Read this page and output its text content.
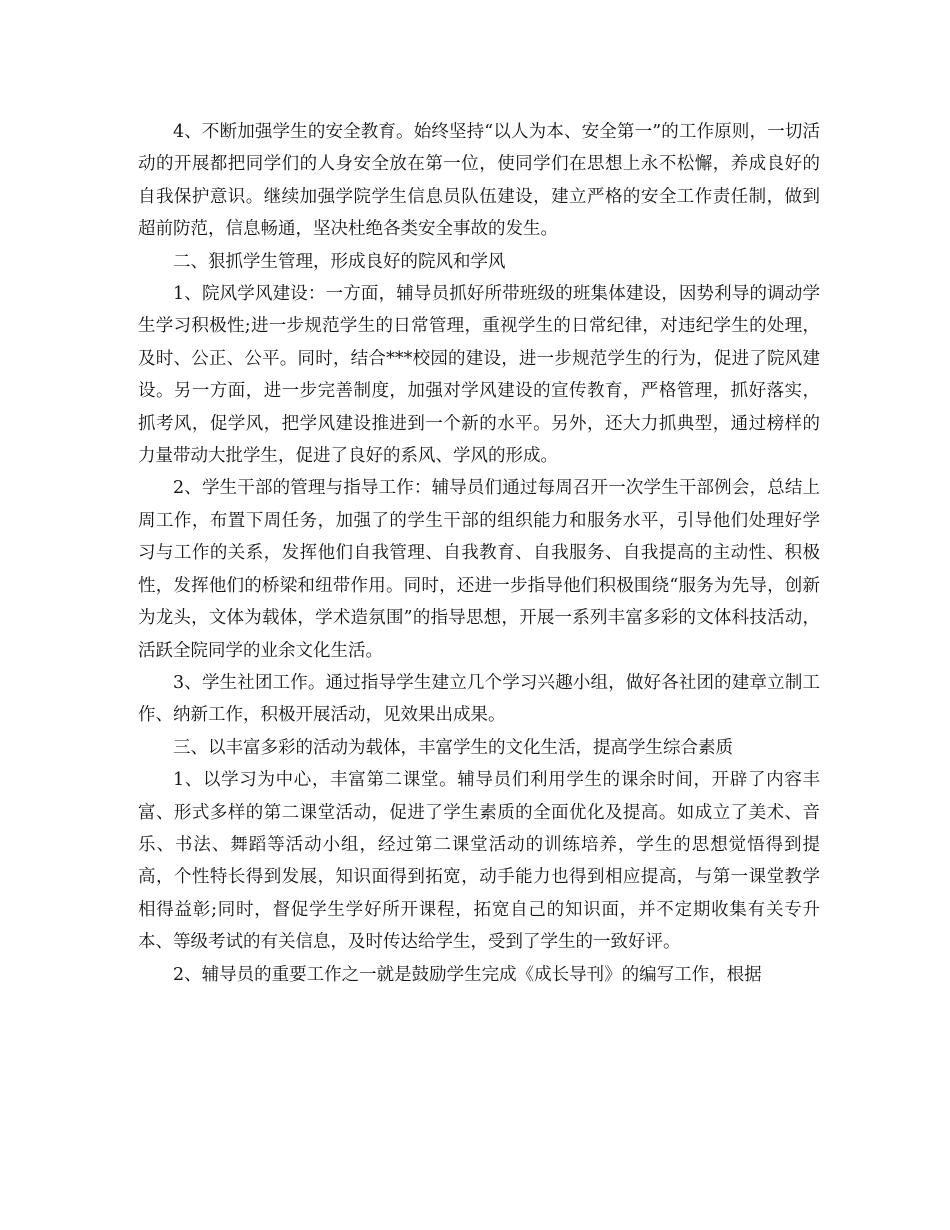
4、不断加强学生的安全教育。始终坚持“以人为本、安全第一”的工作原则，一切活动的开展都把同学们的人身安全放在第一位，使同学们在思想上永不松懈，养成良好的自我保护意识。继续加强学院学生信息员队伍建设，建立严格的安全工作责任制，做到超前防范，信息畅通，坚决杜绝各类安全事故的发生。

二、狠抓学生管理，形成良好的院风和学风

1、院风学风建设：一方面，辅导员抓好所带班级的班集体建设，因势利导的调动学生学习积极性;进一步规范学生的日常管理，重视学生的日常纪律，对违纪学生的处理，及时、公正、公平。同时，结合***校园的建设，进一步规范学生的行为，促进了院风建设。另一方面，进一步完善制度，加强对学风建设的宣传教育，严格管理，抓好落实，抓考风，促学风，把学风建设推进到一个新的水平。另外，还大力抓典型，通过榜样的力量带动大批学生，促进了良好的系风、学风的形成。

2、学生干部的管理与指导工作：辅导员们通过每周召开一次学生干部例会，总结上周工作，布置下周任务，加强了的学生干部的组织能力和服务水平，引导他们处理好学习与工作的关系，发挥他们自我管理、自我教育、自我服务、自我提高的主动性、积极性，发挥他们的桥梁和纽带作用。同时，还进一步指导他们积极围绕“服务为先导，创新为龙头，文体为载体，学术造氛围”的指导思想，开展一系列丰富多彩的文体科技活动，活跃全院同学的业余文化生活。

3、学生社团工作。通过指导学生建立几个学习兴趣小组，做好各社团的建章立制工作、纳新工作，积极开展活动，见效果出成果。

三、以丰富多彩的活动为载体，丰富学生的文化生活，提高学生综合素质

1、以学习为中心，丰富第二课堂。辅导员们利用学生的课余时间，开辟了内容丰富、形式多样的第二课堂活动，促进了学生素质的全面优化及提高。如成立了美术、音乐、书法、舞蹈等活动小组，经过第二课堂活动的训练培养，学生的思想觉悟得到提高，个性特长得到发展，知识面得到拓宽，动手能力也得到相应提高，与第一课堂教学相得益彰;同时，督促学生学好所开课程，拓宽自己的知识面，并不定期收集有关专升本、等级考试的有关信息，及时传达给学生，受到了学生的一致好评。

2、辅导员的重要工作之一就是鼓励学生完成《成长导刊》的编写工作，根据
